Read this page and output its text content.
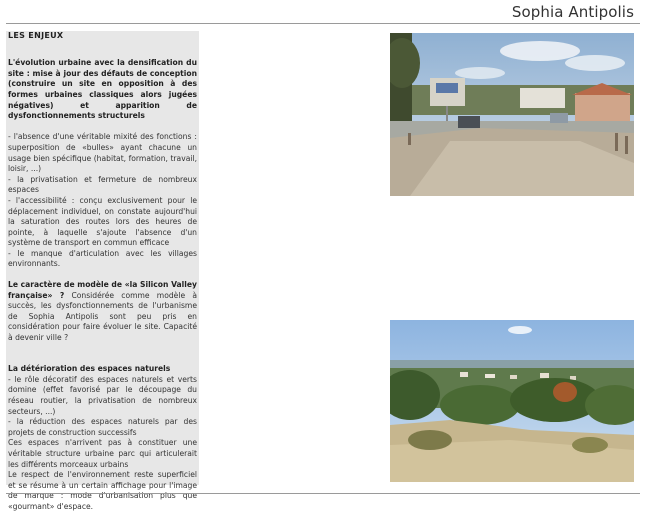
Sophia Antipolis
LES ENJEUX

L'évolution urbaine avec la densification du site : mise à jour des défauts de conception (construire un site en opposition à des formes urbaines classiques alors jugées négatives) et apparition de dysfonctionnements structurels

- l'absence d'une véritable mixité des fonctions : superposition de «bulles» ayant chacune un usage bien spécifique (habitat, formation, travail, loisir, ...)
- la privatisation et fermeture de nombreux espaces
- l'accessibilité : conçu exclusivement pour le déplacement individuel, on constate aujourd'hui la saturation des routes lors des heures de pointe, à laquelle s'ajoute l'absence d'un système de transport en commun efficace
- le manque d'articulation avec les villages environnants.

Le caractère de modèle de «la Silicon Valley française» ? Considérée comme modèle à succès, les dysfonctionnements de l'urbanisme de Sophia Antipolis sont peu pris en considération pour faire évoluer le site. Capacité à devenir ville ?

La détérioration des espaces naturels
- le rôle décoratif des espaces naturels et verts domine (effet favorisé par le découpage du réseau routier, la privatisation de nombreux secteurs, ...)
- la réduction des espaces naturels par des projets de construction successifs
Ces espaces n'arrivent pas à constituer une véritable structure urbaine parc qui articulerait les différents morceaux urbains
Le respect de l'environnement reste superficiel et se résume à un certain affichage pour l'image de marque : mode d'urbanisation plus que «gourmant» d'espace.
